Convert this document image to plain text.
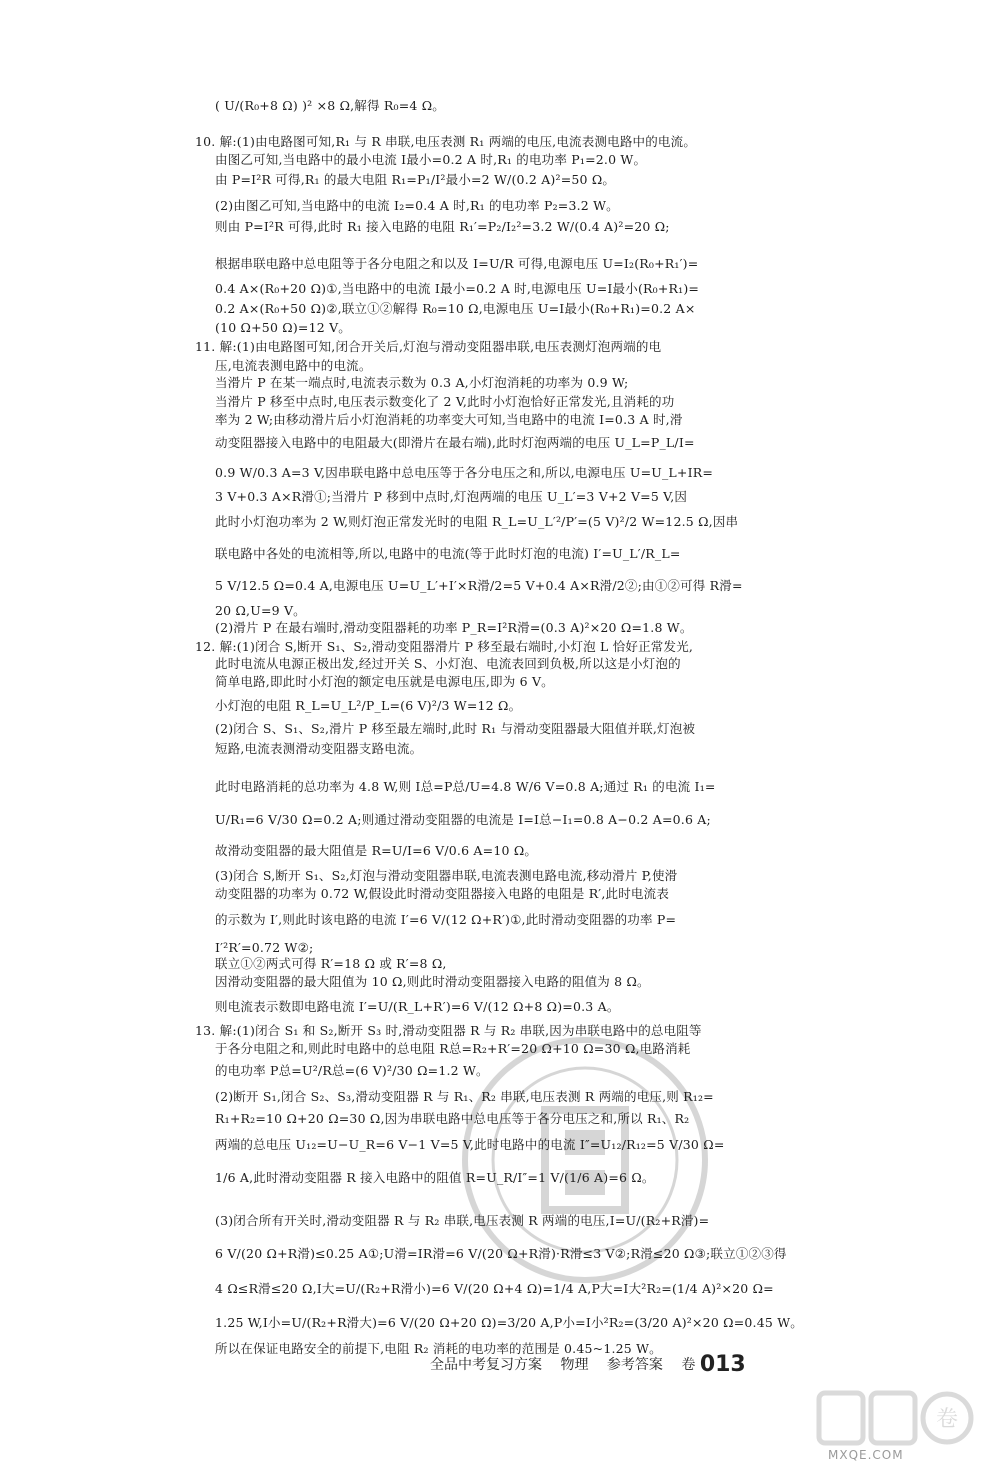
( U/(R₀+8 Ω) )² ×8 Ω,解得 R₀=4 Ω。
10. 解:(1)由电路图可知,R₁ 与 R 串联,电压表测 R₁ 两端的电压,电流表测电路中的电流。
由图乙可知,当电路中的最小电流 I最小=0.2 A 时,R₁ 的电功率 P₁=2.0 W。
由 P=I²R 可得,R₁ 的最大电阻 R₁=P₁/I²最小=2 W/(0.2 A)²=50 Ω。
(2)由图乙可知,当电路中的电流 I₂=0.4 A 时,R₁ 的电功率 P₂=3.2 W。
则由 P=I²R 可得,此时 R₁ 接入电路的电阻 R₁′=P₂/I₂²=3.2 W/(0.4 A)²=20 Ω;
根据串联电路中总电阻等于各分电阻之和以及 I=U/R 可得,电源电压 U=I₂(R₀+R₁′)=
0.4 A×(R₀+20 Ω)①,当电路中的电流 I最小=0.2 A 时,电源电压 U=I最小(R₀+R₁)=
0.2 A×(R₀+50 Ω)②,联立①②解得 R₀=10 Ω,电源电压 U=I最小(R₀+R₁)=0.2 A×
(10 Ω+50 Ω)=12 V。
11. 解:(1)由电路图可知,闭合开关后,灯泡与滑动变阻器串联,电压表测灯泡两端的电
压,电流表测电路中的电流。
当滑片 P 在某一端点时,电流表示数为 0.3 A,小灯泡消耗的功率为 0.9 W;
当滑片 P 移至中点时,电压表示数变化了 2 V,此时小灯泡恰好正常发光,且消耗的功
率为 2 W;由移动滑片后小灯泡消耗的功率变大可知,当电路中的电流 I=0.3 A 时,滑
动变阻器接入电路中的电阻最大(即滑片在最右端),此时灯泡两端的电压 U_L=P_L/I=
0.9 W/0.3 A=3 V,因串联电路中总电压等于各分电压之和,所以,电源电压 U=U_L+IR=
3 V+0.3 A×R滑①;当滑片 P 移到中点时,灯泡两端的电压 U_L′=3 V+2 V=5 V,因
此时小灯泡功率为 2 W,则灯泡正常发光时的电阻 R_L=U_L′²/P′=(5 V)²/2 W=12.5 Ω,因串
联电路中各处的电流相等,所以,电路中的电流(等于此时灯泡的电流) I′=U_L′/R_L=
5 V/12.5 Ω=0.4 A,电源电压 U=U_L′+I′×R滑/2=5 V+0.4 A×R滑/2②;由①②可得 R滑=
20 Ω,U=9 V。
(2)滑片 P 在最右端时,滑动变阻器耗的功率 P_R=I²R滑=(0.3 A)²×20 Ω=1.8 W。
12. 解:(1)闭合 S,断开 S₁、S₂,滑动变阻器滑片 P 移至最右端时,小灯泡 L 恰好正常发光,
此时电流从电源正极出发,经过开关 S、小灯泡、电流表回到负极,所以这是小灯泡的
简单电路,即此时小灯泡的额定电压就是电源电压,即为 6 V。
小灯泡的电阻 R_L=U_L²/P_L=(6 V)²/3 W=12 Ω。
(2)闭合 S、S₁、S₂,滑片 P 移至最左端时,此时 R₁ 与滑动变阻器最大阻值并联,灯泡被
短路,电流表测滑动变阻器支路电流。
此时电路消耗的总功率为 4.8 W,则 I总=P总/U=4.8 W/6 V=0.8 A;通过 R₁ 的电流 I₁=
U/R₁=6 V/30 Ω=0.2 A;则通过滑动变阻器的电流是 I=I总−I₁=0.8 A−0.2 A=0.6 A;
故滑动变阻器的最大阻值是 R=U/I=6 V/0.6 A=10 Ω。
(3)闭合 S,断开 S₁、S₂,灯泡与滑动变阻器串联,电流表测电路电流,移动滑片 P,使滑
动变阻器的功率为 0.72 W,假设此时滑动变阻器接入电路的电阻是 R′,此时电流表
的示数为 I′,则此时该电路的电流 I′=6 V/(12 Ω+R′)①,此时滑动变阻器的功率 P=
I′²R′=0.72 W②;
联立①②两式可得 R′=18 Ω 或 R′=8 Ω,
因滑动变阻器的最大阻值为 10 Ω,则此时滑动变阻器接入电路的阻值为 8 Ω。
则电流表示数即电路电流 I′=U/(R_L+R′)=6 V/(12 Ω+8 Ω)=0.3 A。
13. 解:(1)闭合 S₁ 和 S₂,断开 S₃ 时,滑动变阻器 R 与 R₂ 串联,因为串联电路中的总电阻等
于各分电阻之和,则此时电路中的总电阻 R总=R₂+R′=20 Ω+10 Ω=30 Ω,电路消耗
的电功率 P总=U²/R总=(6 V)²/30 Ω=1.2 W。
(2)断开 S₁,闭合 S₂、S₃,滑动变阻器 R 与 R₁、R₂ 串联,电压表测 R 两端的电压,则 R₁₂=
R₁+R₂=10 Ω+20 Ω=30 Ω,因为串联电路中总电压等于各分电压之和,所以 R₁、R₂
两端的总电压 U₁₂=U−U_R=6 V−1 V=5 V,此时电路中的电流 I″=U₁₂/R₁₂=5 V/30 Ω=
1/6 A,此时滑动变阻器 R 接入电路中的阻值 R=U_R/I″=1 V/(1/6 A)=6 Ω。
(3)闭合所有开关时,滑动变阻器 R 与 R₂ 串联,电压表测 R 两端的电压,I=U/(R₂+R滑)=
6 V/(20 Ω+R滑)≤0.25 A①;U滑=IR滑=6 V/(20 Ω+R滑)·R滑≤3 V②;R滑≤20 Ω③;联立①②③得
4 Ω≤R滑≤20 Ω,I大=U/(R₂+R滑小)=6 V/(20 Ω+4 Ω)=1/4 A,P大=I大²R₂=(1/4 A)²×20 Ω=
1.25 W,I小=U/(R₂+R滑大)=6 V/(20 Ω+20 Ω)=3/20 A,P小=I小²R₂=(3/20 A)²×20 Ω=0.45 W。
所以在保证电路安全的前提下,电阻 R₂ 消耗的电功率的范围是 0.45~1.25 W。
卷
MXQE.COM
全品中考复习方案 物理 参考答案 卷 013
